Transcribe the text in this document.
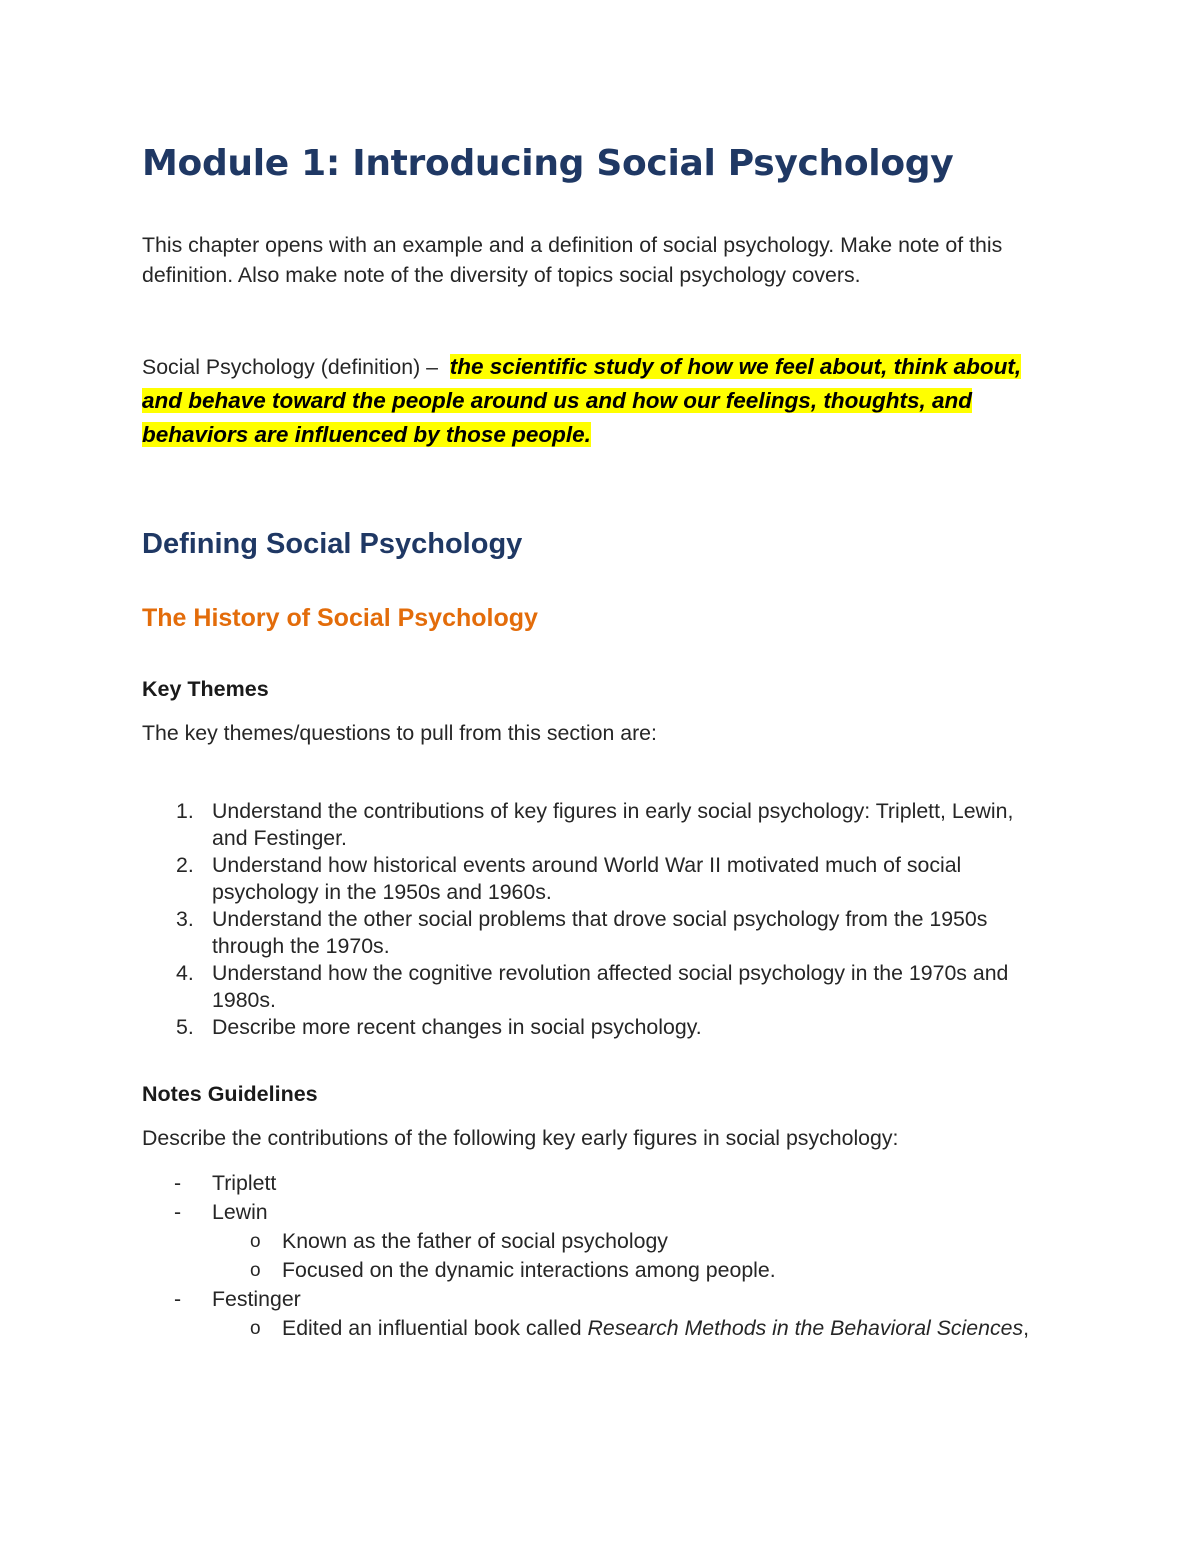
Module 1: Introducing Social Psychology

This chapter opens with an example and a definition of social psychology. Make note of this definition. Also make note of the diversity of topics social psychology covers.

Social Psychology (definition) – the scientific study of how we feel about, think about, and behave toward the people around us and how our feelings, thoughts, and behaviors are influenced by those people.

Defining Social Psychology
The History of Social Psychology
Key Themes

The key themes/questions to pull from this section are:

1. Understand the contributions of key figures in early social psychology: Triplett, Lewin, and Festinger.
2. Understand how historical events around World War II motivated much of social psychology in the 1950s and 1960s.
3. Understand the other social problems that drove social psychology from the 1950s through the 1970s.
4. Understand how the cognitive revolution affected social psychology in the 1970s and 1980s.
5. Describe more recent changes in social psychology.
Notes Guidelines

Describe the contributions of the following key early figures in social psychology:

- Triplett
- Lewin
o Known as the father of social psychology
o Focused on the dynamic interactions among people.
- Festinger
o Edited an influential book called Research Methods in the Behavioral Sciences,
